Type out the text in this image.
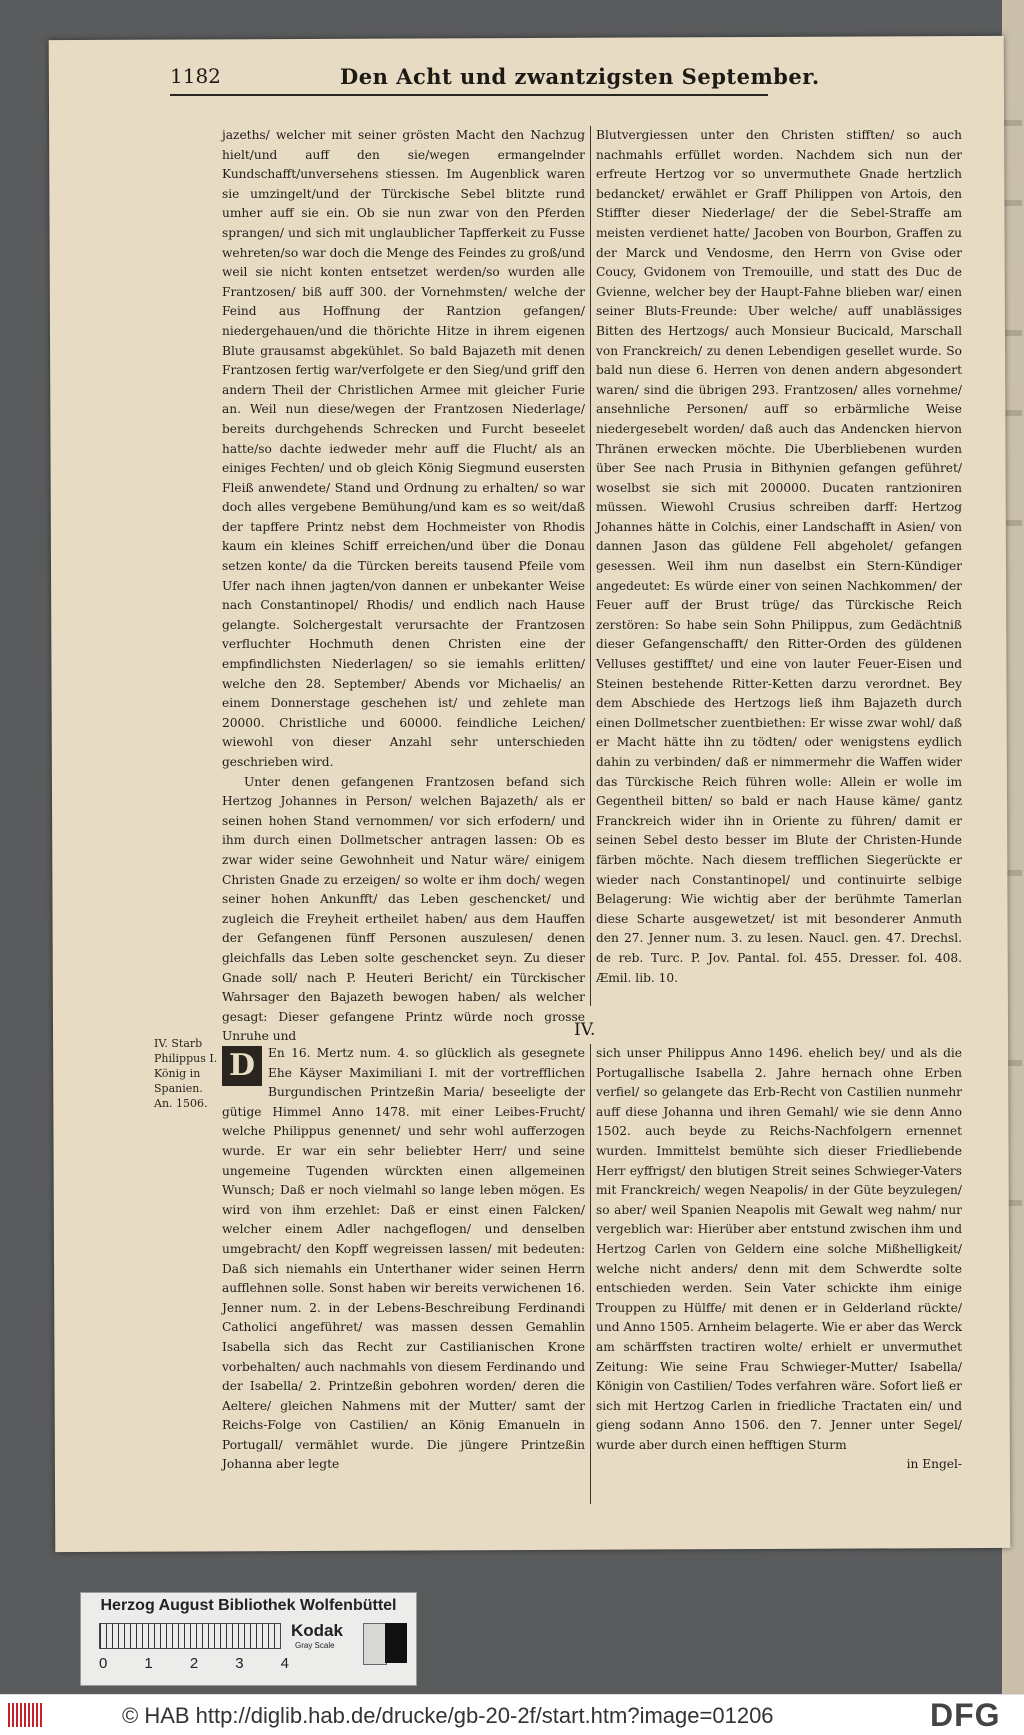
1182	Den Acht und zwantzigsten September.

jazeths/ welcher mit seiner grösten Macht den Nachzug hielt/und auff den sie/wegen ermangelnder Kundschafft/unversehens stiessen. Im Augenblick waren sie umzingelt/und der Türckische Sebel blitzte rund umher auff sie ein. Ob sie nun zwar von den Pferden sprangen/ und sich mit unglaublicher Tapfferkeit zu Fusse wehreten/so war doch die Menge des Feindes zu groß/und weil sie nicht konten entsetzet werden/so wurden alle Frantzosen/ biß auff 300. der Vornehmsten/ welche der Feind aus Hoffnung der Rantzion gefangen/ niedergehauen/und die thörichte Hitze in ihrem eigenen Blute grausamst abgekühlet. So bald Bajazeth mit denen Frantzosen fertig war/verfolgete er den Sieg/und griff den andern Theil der Christlichen Armee mit gleicher Furie an. Weil nun diese/wegen der Frantzosen Niederlage/ bereits durchgehends Schrecken und Furcht beseelet hatte/so dachte iedweder mehr auff die Flucht/ als an einiges Fechten/ und ob gleich König Siegmund eusersten Fleiß anwendete/ Stand und Ordnung zu erhalten/ so war doch alles vergebene Bemühung/und kam es so weit/daß der tapffere Printz nebst dem Hochmeister von Rhodis kaum ein kleines Schiff erreichen/und über die Donau setzen konte/ da die Türcken bereits tausend Pfeile vom Ufer nach ihnen jagten/von dannen er unbekanter Weise nach Constantinopel/ Rhodis/ und endlich nach Hause gelangte. Solchergestalt verursachte der Frantzosen verfluchter Hochmuth denen Christen eine der empfindlichsten Niederlagen/ so sie iemahls erlitten/ welche den 28. September/ Abends vor Michaelis/ an einem Donnerstage geschehen ist/ und zehlete man 20000. Christliche und 60000. feindliche Leichen/ wiewohl von dieser Anzahl sehr unterschieden geschrieben wird.

Unter denen gefangenen Frantzosen befand sich Hertzog Johannes in Person/ welchen Bajazeth/ als er seinen hohen Stand vernommen/ vor sich erfodern/ und ihm durch einen Dollmetscher antragen lassen: Ob es zwar wider seine Gewohnheit und Natur wäre/ einigem Christen Gnade zu erzeigen/ so wolte er ihm doch/ wegen seiner hohen Ankunfft/ das Leben geschencket/ und zugleich die Freyheit ertheilet haben/ aus dem Hauffen der Gefangenen fünff Personen auszulesen/ denen gleichfalls das Leben solte geschencket seyn. Zu dieser Gnade soll/ nach P. Heuteri Bericht/ ein Türckischer Wahrsager den Bajazeth bewogen haben/ als welcher gesagt: Dieser gefangene Printz würde noch grosse Unruhe und

Blutvergiessen unter den Christen stifften/ so auch nachmahls erfüllet worden. Nachdem sich nun der erfreute Hertzog vor so unvermuthete Gnade hertzlich bedancket/ erwählet er Graff Philippen von Artois, den Stiffter dieser Niederlage/ der die Sebel-Straffe am meisten verdienet hatte/ Jacoben von Bourbon, Graffen zu der Marck und Vendosme, den Herrn von Gvise oder Coucy, Gvidonem von Tremouille, und statt des Duc de Gvienne, welcher bey der Haupt-Fahne blieben war/ einen seiner Bluts-Freunde: Uber welche/ auff unablässiges Bitten des Hertzogs/ auch Monsieur Bucicald, Marschall von Franckreich/ zu denen Lebendigen gesellet wurde. So bald nun diese 6. Herren von denen andern abgesondert waren/ sind die übrigen 293. Frantzosen/ alles vornehme/ ansehnliche Personen/ auff so erbärmliche Weise niedergesebelt worden/ daß auch das Andencken hiervon Thränen erwecken möchte. Die Uberbliebenen wurden über See nach Prusia in Bithynien gefangen geführet/ woselbst sie sich mit 200000. Ducaten rantzioniren müssen. Wiewohl Crusius schreiben darff: Hertzog Johannes hätte in Colchis, einer Landschafft in Asien/ von dannen Jason das güldene Fell abgeholet/ gefangen gesessen. Weil ihm nun daselbst ein Stern-Kündiger angedeutet: Es würde einer von seinen Nachkommen/ der Feuer auff der Brust trüge/ das Türckische Reich zerstören: So habe sein Sohn Philippus, zum Gedächtniß dieser Gefangenschafft/ den Ritter-Orden des güldenen Velluses gestifftet/ und eine von lauter Feuer-Eisen und Steinen bestehende Ritter-Ketten darzu verordnet. Bey dem Abschiede des Hertzogs ließ ihm Bajazeth durch einen Dollmetscher zuentbiethen: Er wisse zwar wohl/ daß er Macht hätte ihn zu tödten/ oder wenigstens eydlich dahin zu verbinden/ daß er nimmermehr die Waffen wider das Türckische Reich führen wolle: Allein er wolle im Gegentheil bitten/ so bald er nach Hause käme/ gantz Franckreich wider ihn in Oriente zu führen/ damit er seinen Sebel desto besser im Blute der Christen-Hunde färben möchte. Nach diesem trefflichen Siegerückte er wieder nach Constantinopel/ und continuirte selbige Belagerung: Wie wichtig aber der berühmte Tamerlan diese Scharte ausgewetzet/ ist mit besonderer Anmuth den 27. Jenner num. 3. zu lesen. Naucl. gen. 47. Drechsl. de reb. Turc. P. Jov. Pantal. fol. 455. Dresser. fol. 408. Æmil. lib. 10.

IV.
IV. Starb Philippus I. König in Spanien. An. 1506.
D	En 16. Mertz num. 4. so glücklich als gesegnete Ehe Käyser Maximiliani I. mit der vortrefflichen Burgundischen Printzeßin Maria/ beseeligte der gütige Himmel Anno 1478. mit einer Leibes-Frucht/ welche Philippus genennet/ und sehr wohl aufferzogen wurde. Er war ein sehr beliebter Herr/ und seine ungemeine Tugenden würckten einen allgemeinen Wunsch; Daß er noch vielmahl so lange leben mögen. Es wird von ihm erzehlet: Daß er einst einen Falcken/ welcher einem Adler nachgeflogen/ und denselben umgebracht/ den Kopff wegreissen lassen/ mit bedeuten: Daß sich niemahls ein Unterthaner wider seinen Herrn aufflehnen solle. Sonst haben wir bereits verwichenen 16. Jenner num. 2. in der Lebens-Beschreibung Ferdinandi Catholici angeführet/ was massen dessen Gemahlin Isabella sich das Recht zur Castilianischen Krone vorbehalten/ auch nachmahls von diesem Ferdinando und der Isabella/ 2. Printzeßin gebohren worden/ deren die Aeltere/ gleichen Nahmens mit der Mutter/ samt der Reichs-Folge von Castilien/ an König Emanueln in Portugall/ vermählet wurde. Die jüngere Printzeßin Johanna aber legte

sich unser Philippus Anno 1496. ehelich bey/ und als die Portugallische Isabella 2. Jahre hernach ohne Erben verfiel/ so gelangete das Erb-Recht von Castilien nunmehr auff diese Johanna und ihren Gemahl/ wie sie denn Anno 1502. auch beyde zu Reichs-Nachfolgern ernennet wurden. Immittelst bemühte sich dieser Friedliebende Herr eyffrigst/ den blutigen Streit seines Schwieger-Vaters mit Franckreich/ wegen Neapolis/ in der Güte beyzulegen/ so aber/ weil Spanien Neapolis mit Gewalt weg nahm/ nur vergeblich war: Hierüber aber entstund zwischen ihm und Hertzog Carlen von Geldern eine solche Mißhelligkeit/ welche nicht anders/ denn mit dem Schwerdte solte entschieden werden. Sein Vater schickte ihm einige Trouppen zu Hülffe/ mit denen er in Gelderland rückte/ und Anno 1505. Arnheim belagerte. Wie er aber das Werck am schärffsten tractiren wolte/ erhielt er unvermuthet Zeitung: Wie seine Frau Schwieger-Mutter/ Isabella/ Königin von Castilien/ Todes verfahren wäre. Sofort ließ er sich mit Hertzog Carlen in friedliche Tractaten ein/ und gieng sodann Anno 1506. den 7. Jenner unter Segel/ wurde aber durch einen hefftigen Sturm

in Engel-

Herzog August Bibliothek Wolfenbüttel
0 1 2 3 4
Kodak
Gray Scale
© HAB http://diglib.hab.de/drucke/gb-20-2f/start.htm?image=01206	DFG
